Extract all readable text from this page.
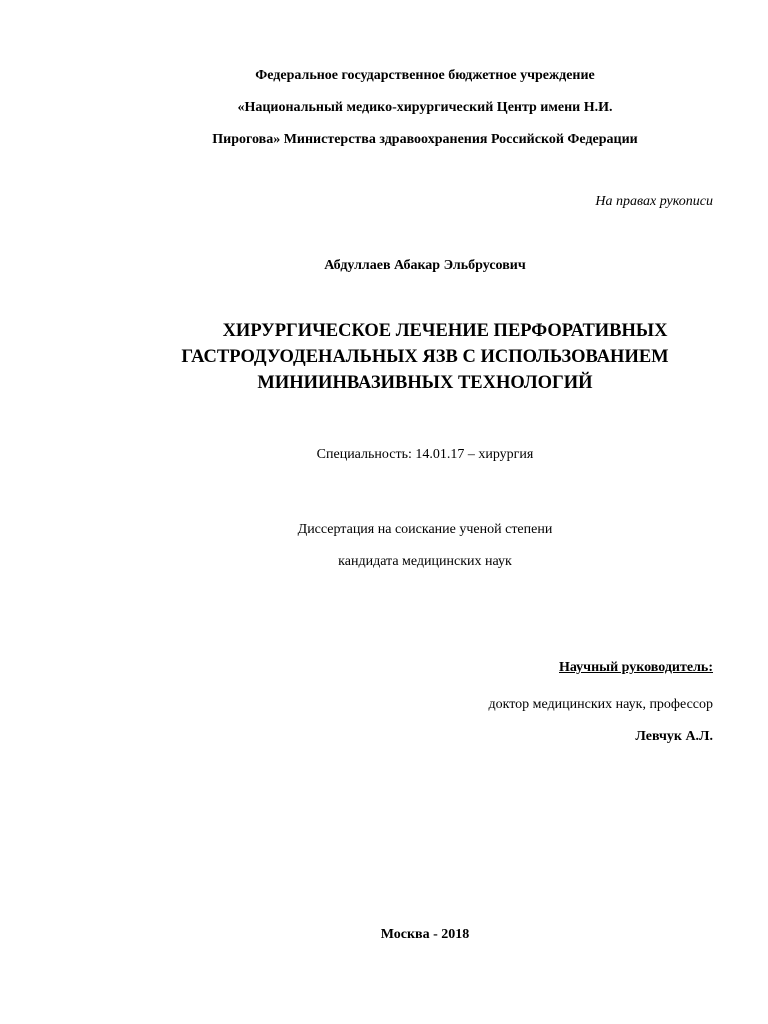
Федеральное государственное бюджетное учреждение
«Национальный медико-хирургический Центр имени Н.И.
Пирогова» Министерства здравоохранения Российской Федерации
На правах рукописи
Абдуллаев Абакар Эльбрусович
ХИРУРГИЧЕСКОЕ ЛЕЧЕНИЕ ПЕРФОРАТИВНЫХ
ГАСТРОДУОДЕНАЛЬНЫХ ЯЗВ С ИСПОЛЬЗОВАНИЕМ
МИНИИНВАЗИВНЫХ ТЕХНОЛОГИЙ
Специальность: 14.01.17 – хирургия
Диссертация на соискание ученой степени
кандидата медицинских наук
Научный руководитель:
доктор медицинских наук, профессор
Левчук А.Л.
Москва - 2018
